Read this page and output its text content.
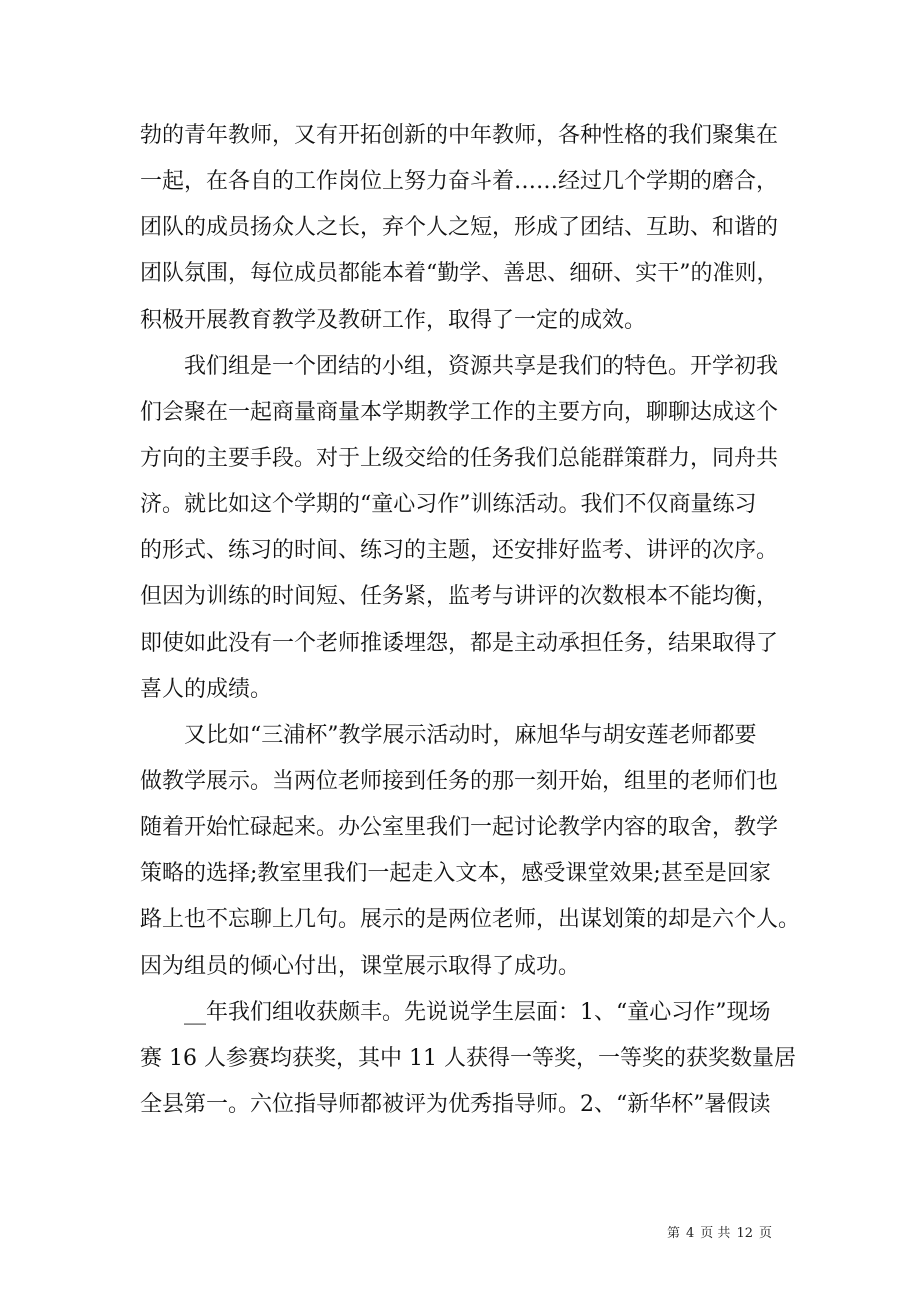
勃的青年教师，又有开拓创新的中年教师，各种性格的我们聚集在
一起，在各自的工作岗位上努力奋斗着……经过几个学期的磨合，
团队的成员扬众人之长，弃个人之短，形成了团结、互助、和谐的
团队氛围，每位成员都能本着“勤学、善思、细研、实干”的准则，
积极开展教育教学及教研工作，取得了一定的成效。
我们组是一个团结的小组，资源共享是我们的特色。开学初我
们会聚在一起商量商量本学期教学工作的主要方向，聊聊达成这个
方向的主要手段。对于上级交给的任务我们总能群策群力，同舟共
济。就比如这个学期的“童心习作”训练活动。我们不仅商量练习
的形式、练习的时间、练习的主题，还安排好监考、讲评的次序。
但因为训练的时间短、任务紧，监考与讲评的次数根本不能均衡，
即使如此没有一个老师推诿埋怨，都是主动承担任务，结果取得了
喜人的成绩。
又比如“三浦杯”教学展示活动时，麻旭华与胡安莲老师都要
做教学展示。当两位老师接到任务的那一刻开始，组里的老师们也
随着开始忙碌起来。办公室里我们一起讨论教学内容的取舍，教学
策略的选择;教室里我们一起走入文本，感受课堂效果;甚至是回家
路上也不忘聊上几句。展示的是两位老师，出谋划策的却是六个人。
因为组员的倾心付出，课堂展示取得了成功。
__年我们组收获颇丰。先说说学生层面：1、“童心习作”现场
赛 16 人参赛均获奖，其中 11 人获得一等奖，一等奖的获奖数量居
全县第一。六位指导师都被评为优秀指导师。2、“新华杯”暑假读
第 4 页 共 12 页
